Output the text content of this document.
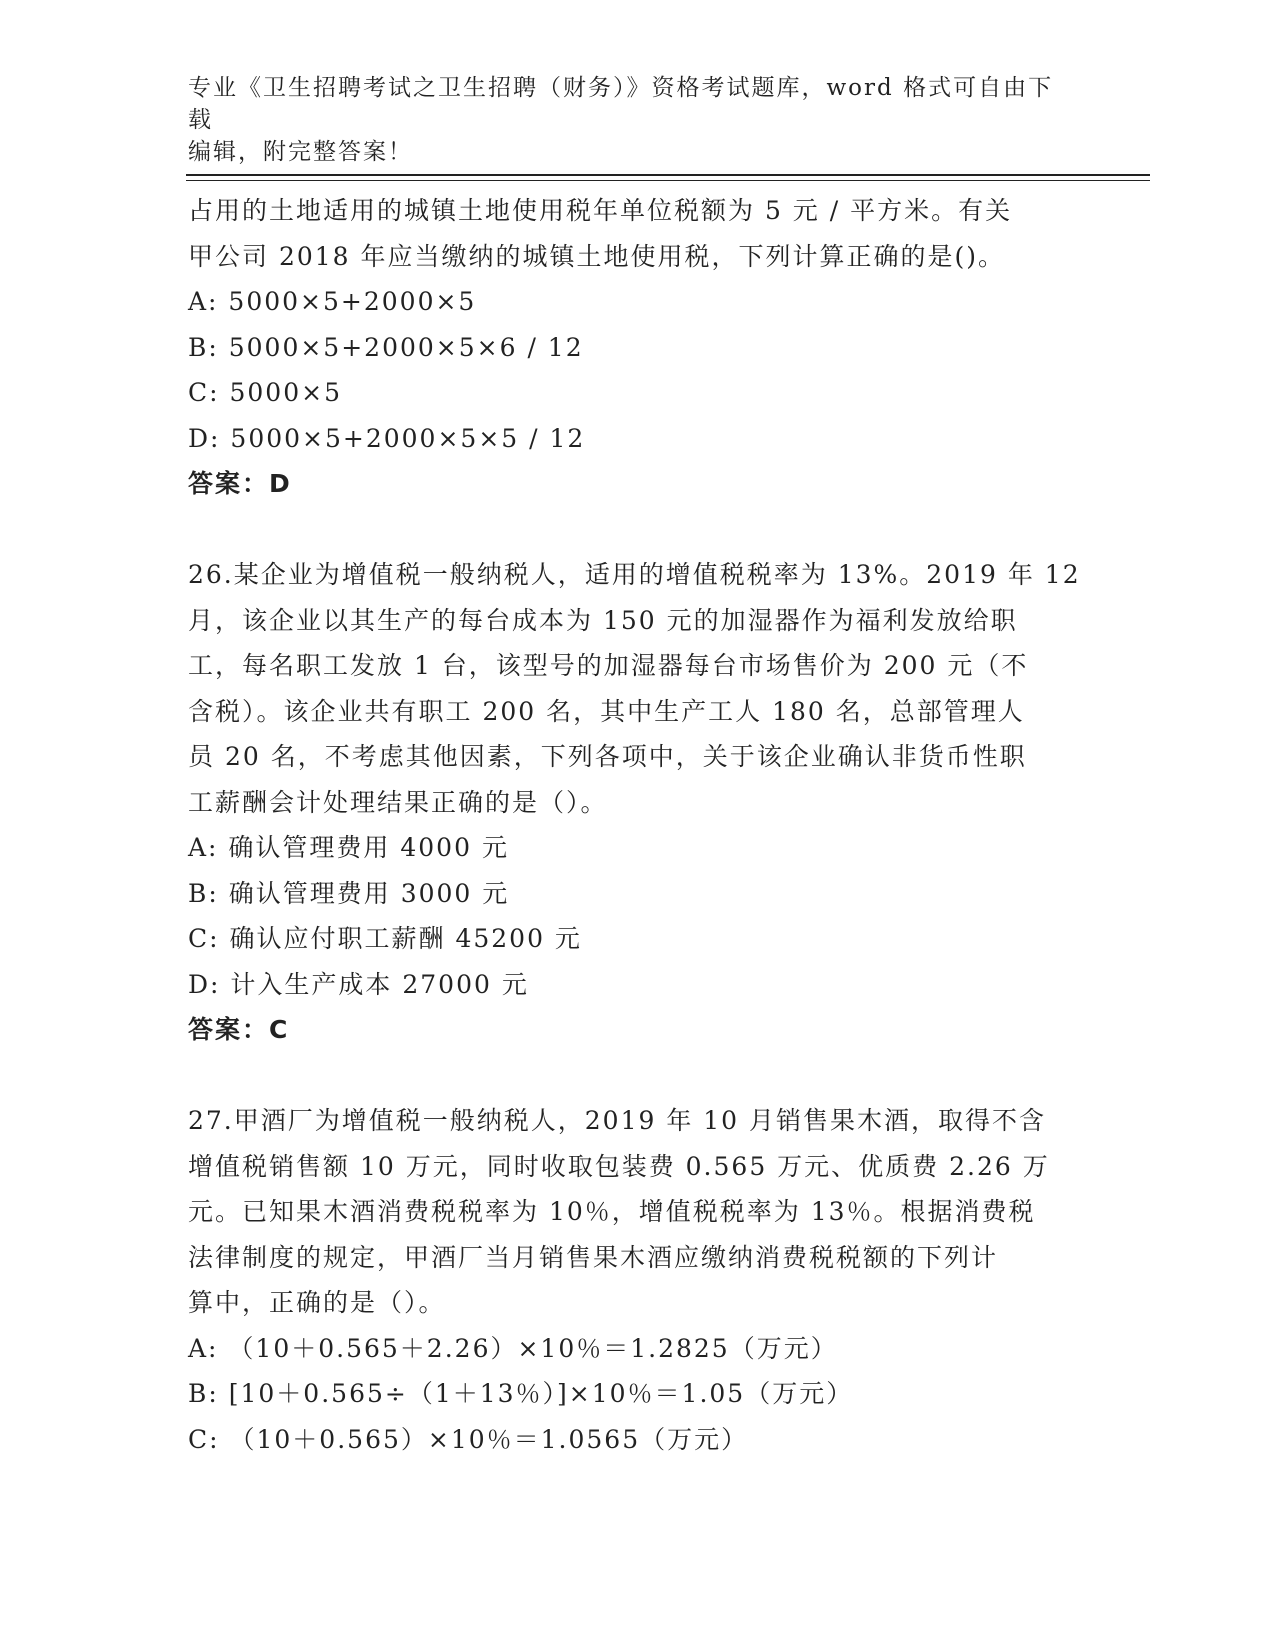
专业《卫生招聘考试之卫生招聘（财务）》资格考试题库，word 格式可自由下载
编辑，附完整答案！
占用的土地适用的城镇土地使用税年单位税额为 5 元 / 平方米。有关
甲公司 2018 年应当缴纳的城镇土地使用税，下列计算正确的是()。
A: 5000×5+2000×5
B: 5000×5+2000×5×6 / 12
C: 5000×5
D: 5000×5+2000×5×5 / 12
答案：D
26.某企业为增值税一般纳税人，适用的增值税税率为 13%。2019 年 12
月，该企业以其生产的每台成本为 150 元的加湿器作为福利发放给职
工，每名职工发放 1 台，该型号的加湿器每台市场售价为 200 元（不
含税）。该企业共有职工 200 名，其中生产工人 180 名，总部管理人
员 20 名，不考虑其他因素，下列各项中，关于该企业确认非货币性职
工薪酬会计处理结果正确的是（）。
A: 确认管理费用 4000 元
B: 确认管理费用 3000 元
C: 确认应付职工薪酬 45200 元
D: 计入生产成本 27000 元
答案：C
27.甲酒厂为增值税一般纳税人，2019 年 10 月销售果木酒，取得不含
增值税销售额 10 万元，同时收取包装费 0.565 万元、优质费 2.26 万
元。已知果木酒消费税税率为 10％，增值税税率为 13％。根据消费税
法律制度的规定，甲酒厂当月销售果木酒应缴纳消费税税额的下列计
算中，正确的是（）。
A: （10＋0.565＋2.26）×10％＝1.2825（万元）
B: [10＋0.565÷（1＋13％）]×10％＝1.05（万元）
C: （10＋0.565）×10％＝1.0565（万元）
